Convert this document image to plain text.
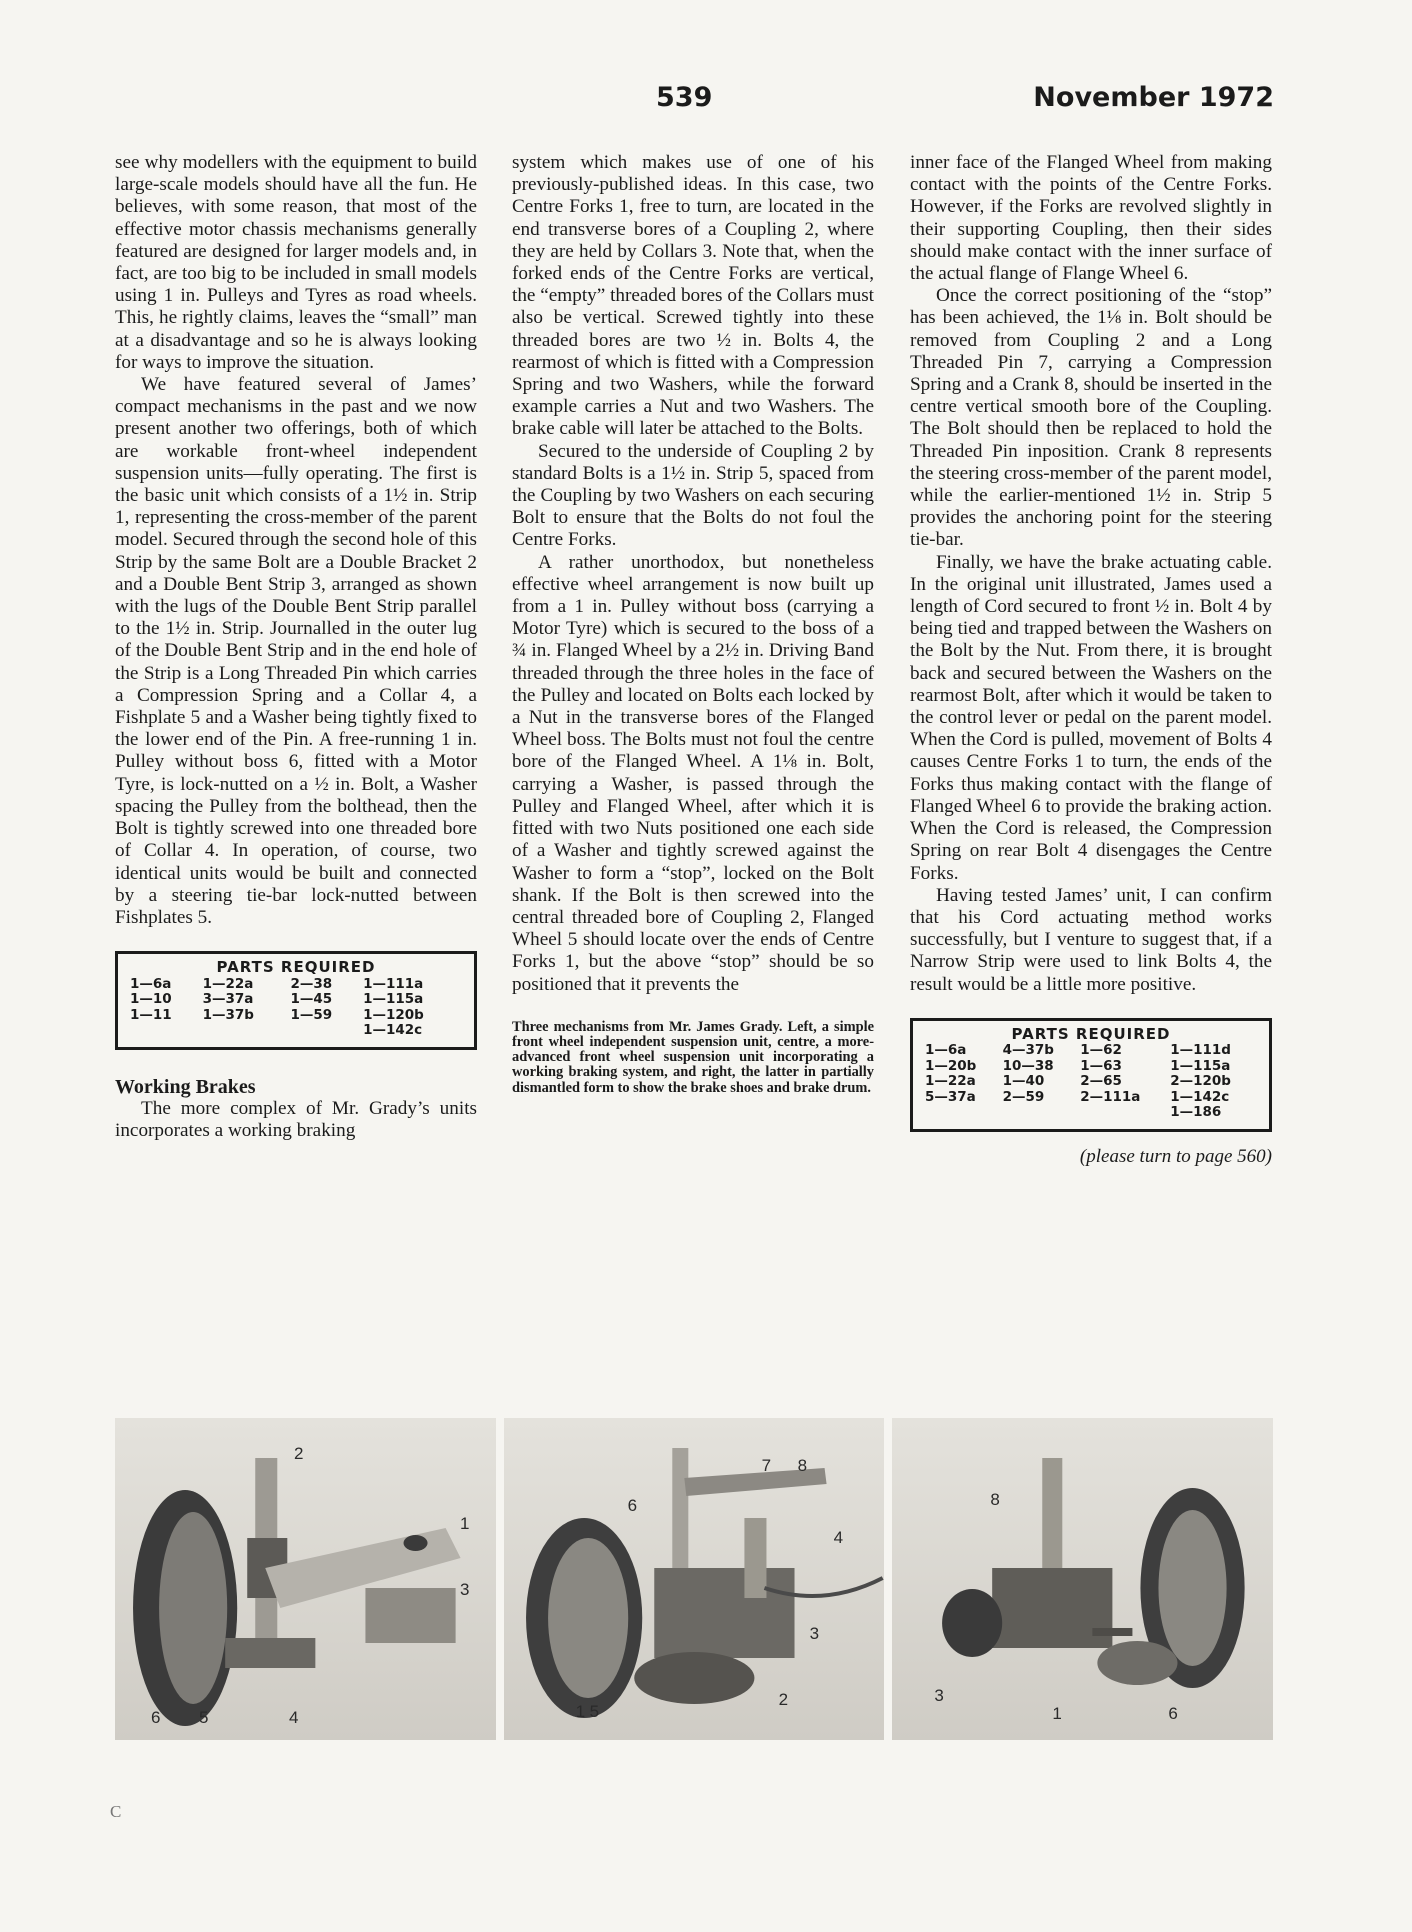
539	November 1972

see why modellers with the equipment to build large-scale models should have all the fun. He believes, with some reason, that most of the effective motor chassis mechanisms generally featured are designed for larger models and, in fact, are too big to be included in small models using 1 in. Pulleys and Tyres as road wheels. This, he rightly claims, leaves the “small” man at a disadvantage and so he is always looking for ways to improve the situation.

We have featured several of James’ compact mechanisms in the past and we now present another two offerings, both of which are workable front-wheel independent suspension units—fully operating. The first is the basic unit which consists of a 1½ in. Strip 1, representing the cross-member of the parent model. Secured through the second hole of this Strip by the same Bolt are a Double Bracket 2 and a Double Bent Strip 3, arranged as shown with the lugs of the Double Bent Strip parallel to the 1½ in. Strip. Journalled in the outer lug of the Double Bent Strip and in the end hole of the Strip is a Long Threaded Pin which carries a Compression Spring and a Collar 4, a Fishplate 5 and a Washer being tightly fixed to the lower end of the Pin. A free-running 1 in. Pulley without boss 6, fitted with a Motor Tyre, is lock-nutted on a ½ in. Bolt, a Washer spacing the Pulley from the bolthead, then the Bolt is tightly screwed into one threaded bore of Collar 4. In operation, of course, two identical units would be built and connected by a steering tie-bar lock-nutted between Fishplates 5.

PARTS REQUIRED
1—6a	1—22a	2—38	1—111a
1—10	3—37a	1—45	1—115a
1—11	1—37b	1—59	1—120b
			1—142c
Working Brakes

The more complex of Mr. Grady’s units incorporates a working braking

system which makes use of one of his previously-published ideas. In this case, two Centre Forks 1, free to turn, are located in the end transverse bores of a Coupling 2, where they are held by Collars 3. Note that, when the forked ends of the Centre Forks are vertical, the “empty” threaded bores of the Collars must also be vertical. Screwed tightly into these threaded bores are two ½ in. Bolts 4, the rearmost of which is fitted with a Compression Spring and two Washers, while the forward example carries a Nut and two Washers. The brake cable will later be attached to the Bolts.

Secured to the underside of Coupling 2 by standard Bolts is a 1½ in. Strip 5, spaced from the Coupling by two Washers on each securing Bolt to ensure that the Bolts do not foul the Centre Forks.

A rather unorthodox, but nonetheless effective wheel arrangement is now built up from a 1 in. Pulley without boss (carrying a Motor Tyre) which is secured to the boss of a ¾ in. Flanged Wheel by a 2½ in. Driving Band threaded through the three holes in the face of the Pulley and located on Bolts each locked by a Nut in the transverse bores of the Flanged Wheel boss. The Bolts must not foul the centre bore of the Flanged Wheel. A 1⅛ in. Bolt, carrying a Washer, is passed through the Pulley and Flanged Wheel, after which it is fitted with two Nuts positioned one each side of a Washer and tightly screwed against the Washer to form a “stop”, locked on the Bolt shank. If the Bolt is then screwed into the central threaded bore of Coupling 2, Flanged Wheel 5 should locate over the ends of Centre Forks 1, but the above “stop” should be so positioned that it prevents the

Three mechanisms from Mr. James Grady. Left, a simple front wheel independent suspension unit, centre, a more-advanced front wheel suspension unit incorporating a working braking system, and right, the latter in partially dismantled form to show the brake shoes and brake drum.

inner face of the Flanged Wheel from making contact with the points of the Centre Forks. However, if the Forks are revolved slightly in their supporting Coupling, then their sides should make contact with the inner surface of the actual flange of Flange Wheel 6.

Once the correct positioning of the “stop” has been achieved, the 1⅛ in. Bolt should be removed from Coupling 2 and a Long Threaded Pin 7, carrying a Compression Spring and a Crank 8, should be inserted in the centre vertical smooth bore of the Coupling. The Bolt should then be replaced to hold the Threaded Pin inposition. Crank 8 represents the steering cross-member of the parent model, while the earlier-mentioned 1½ in. Strip 5 provides the anchoring point for the steering tie-bar.

Finally, we have the brake actuating cable. In the original unit illustrated, James used a length of Cord secured to front ½ in. Bolt 4 by being tied and trapped between the Washers on the Bolt by the Nut. From there, it is brought back and secured between the Washers on the rearmost Bolt, after which it would be taken to the control lever or pedal on the parent model. When the Cord is pulled, movement of Bolts 4 causes Centre Forks 1 to turn, the ends of the Forks thus making contact with the flange of Flanged Wheel 6 to provide the braking action. When the Cord is released, the Compression Spring on rear Bolt 4 disengages the Centre Forks.

Having tested James’ unit, I can confirm that his Cord actuating method works successfully, but I venture to suggest that, if a Narrow Strip were used to link Bolts 4, the result would be a little more positive.

PARTS REQUIRED
1—6a	4—37b	1—62	1—111d
1—20b	10—38	1—63	1—115a
1—22a	1—40	2—65	2—120b
5—37a	2—59	2—111a	1—142c
			1—186
(please turn to page 560)
2
1
3
6 5	4
7 8
6
4
3
1 5
2
8
3
1	6
C
